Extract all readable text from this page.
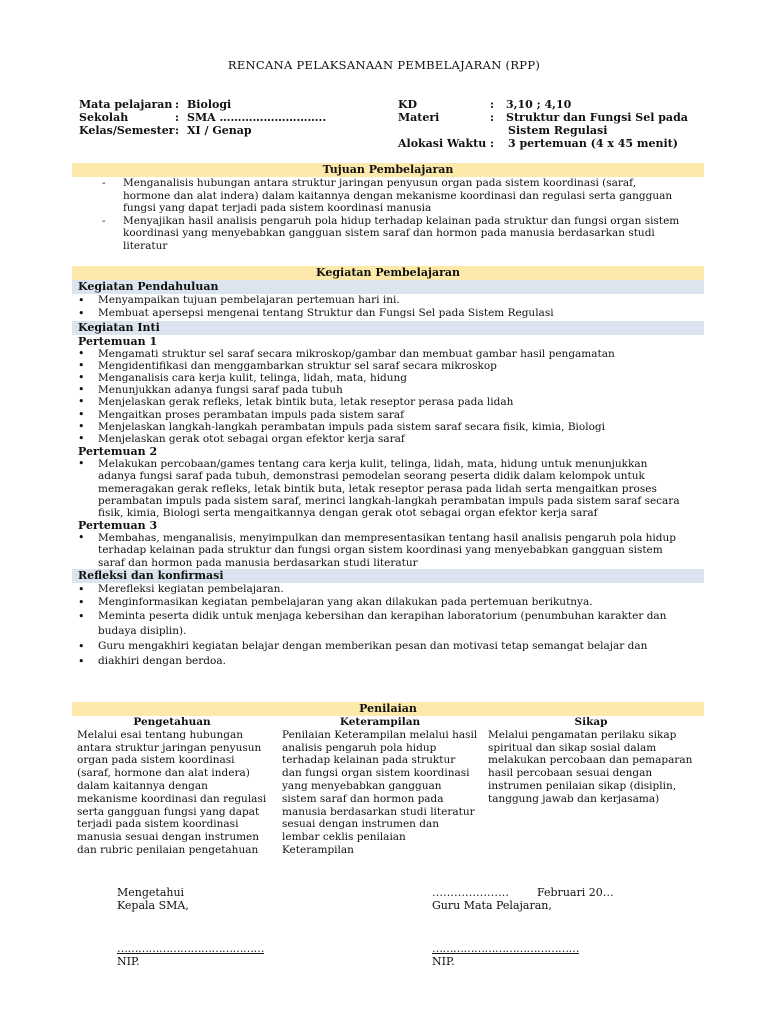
RENCANA PELAKSANAAN PEMBELAJARAN (RPP)
Mata pelajaran : Biologi
Sekolah	: SMA ………………………..
Kelas/Semester: XI / Genap
KD	: 3,10 ; 4,10
Materi	: Struktur dan Fungsi Sel pada
Sistem Regulasi
Alokasi Waktu : 3 pertemuan (4 x 45 menit)
Tujuan Pembelajaran
- Menganalisis hubungan antara struktur jaringan penyusun organ pada sistem koordinasi (saraf, hormone dan alat indera) dalam kaitannya dengan mekanisme koordinasi dan regulasi serta gangguan fungsi yang dapat terjadi pada sistem koordinasi manusia
- Menyajikan hasil analisis pengaruh pola hidup terhadap kelainan pada struktur dan fungsi organ sistem koordinasi yang menyebabkan gangguan sistem saraf dan hormon pada manusia berdasarkan studi literatur
Kegiatan Pembelajaran
Kegiatan Pendahuluan
• Menyampaikan tujuan pembelajaran pertemuan hari ini.
• Membuat apersepsi mengenai tentang Struktur dan Fungsi Sel pada Sistem Regulasi
Kegiatan Inti
Pertemuan 1
• Mengamati struktur sel saraf secara mikroskop/gambar dan membuat gambar hasil pengamatan
• Mengidentifikasi dan menggambarkan struktur sel saraf secara mikroskop
• Menganalisis cara kerja kulit, telinga, lidah, mata, hidung
• Menunjukkan adanya fungsi saraf pada tubuh
• Menjelaskan gerak refleks, letak bintik buta, letak reseptor perasa pada lidah
• Mengaitkan proses perambatan impuls pada sistem saraf
• Menjelaskan langkah-langkah perambatan impuls pada sistem saraf secara fisik, kimia, Biologi
• Menjelaskan gerak otot sebagai organ efektor kerja saraf
Pertemuan 2
• Melakukan percobaan/games tentang cara kerja kulit, telinga, lidah, mata, hidung untuk menunjukkan adanya fungsi saraf pada tubuh, demonstrasi pemodelan seorang peserta didik dalam kelompok untuk memeragakan gerak refleks, letak bintik buta, letak reseptor perasa pada lidah serta mengaitkan proses perambatan impuls pada sistem saraf, merinci langkah-langkah perambatan impuls pada sistem saraf secara fisik, kimia, Biologi serta mengaitkannya dengan gerak otot sebagai organ efektor kerja saraf
Pertemuan 3
• Membahas, menganalisis, menyimpulkan dan mempresentasikan tentang hasil analisis pengaruh pola hidup terhadap kelainan pada struktur dan fungsi organ sistem koordinasi yang menyebabkan gangguan sistem saraf dan hormon pada manusia berdasarkan studi literatur
Refleksi dan konfirmasi
• Merefleksi kegiatan pembelajaran.
• Menginformasikan kegiatan pembelajaran yang akan dilakukan pada pertemuan berikutnya.
• Meminta peserta didik untuk menjaga kebersihan dan kerapihan laboratorium (penumbuhan karakter dan budaya disiplin).
• Guru mengakhiri kegiatan belajar dengan memberikan pesan dan motivasi tetap semangat belajar dan
• diakhiri dengan berdoa.
Penilaian
Pengetahuan
Melalui esai tentang hubungan antara struktur jaringan penyusun organ pada sistem koordinasi (saraf, hormone dan alat indera) dalam kaitannya dengan mekanisme koordinasi dan regulasi serta gangguan fungsi yang dapat terjadi pada sistem koordinasi manusia sesuai dengan instrumen dan rubric penilaian pengetahuan
Keterampilan
Penilaian Keterampilan melalui hasil analisis pengaruh pola hidup terhadap kelainan pada struktur dan fungsi organ sistem koordinasi yang menyebabkan gangguan sistem saraf dan hormon pada manusia berdasarkan studi literatur sesuai dengan instrumen dan lembar ceklis penilaian Keterampilan
Sikap
Melalui pengamatan perilaku sikap spiritual dan sikap sosial dalam melakukan percobaan dan pemaparan hasil percobaan sesuai dengan instrumen penilaian sikap (disiplin, tanggung jawab dan kerjasama)
Mengetahui
Kepala SMA,
……………………………………
NIP.
…………………        Februari 20…
Guru Mata Pelajaran,
……………………………………
NIP.
